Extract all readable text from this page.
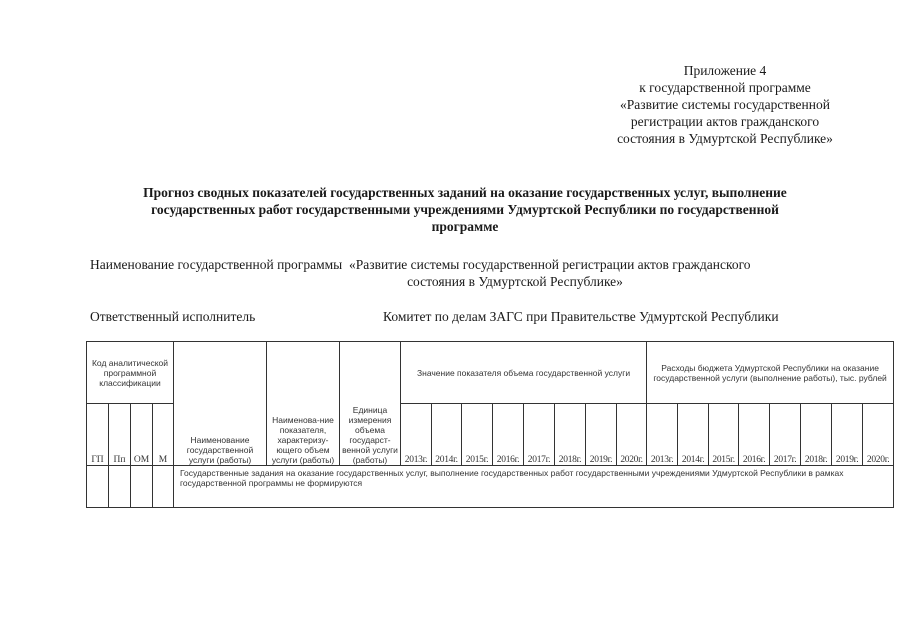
Приложение 4
к государственной программе
«Развитие системы государственной
регистрации актов гражданского
состояния в Удмуртской Республике»
Прогноз сводных показателей государственных заданий на оказание государственных услуг, выполнение
государственных работ государственными учреждениями Удмуртской Республики по государственной
программе
Наименование государственной программы «Развитие системы государственной регистрации актов гражданского
состояния в Удмуртской Республике»
Ответственный исполнитель	Комитет по делам ЗАГС при Правительстве Удмуртской Республики
Код аналитической программной классификации				Наименование государственной услуги (работы)	Наименова-ние показателя, характеризу-ющего объем услуги (работы)	Единица измерения объема государст-венной услуги (работы)	Значение показателя объема государственной услуги								Расходы бюджета Удмуртской Республики на оказание государственной услуги (выполнение работы), тыс. рублей							
ГП	Пп	ОМ	М				2013г.	2014г.	2015г.	2016г.	2017г.	2018г.	2019г.	2020г.	2013г.	2014г.	2015г.	2016г.	2017г.	2018г.	2019г.	2020г.
				Государственные задания на оказание государственных услуг, выполнение государственных работ государственными учреждениями Удмуртской Республики в рамках государственной программы не формируются																		
